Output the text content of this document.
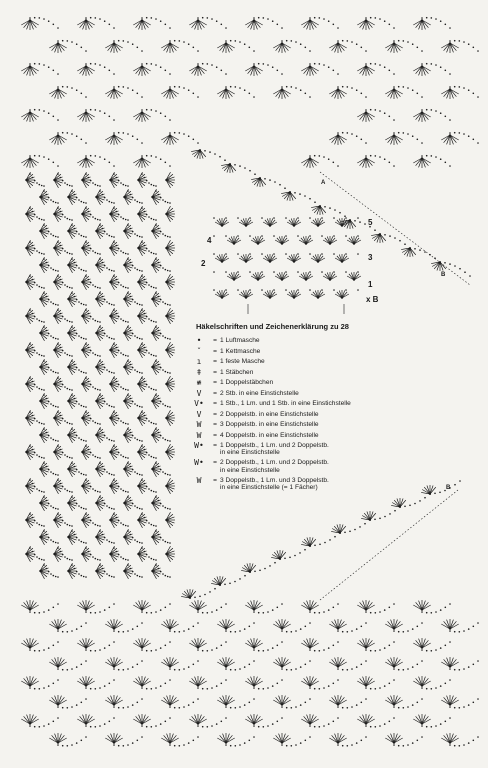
4
2
5
3
1
x B
A
B
B
Häkelschriften und Zeichenerklärung zu 28
•	= 1 Luftmasche
ˇ	= 1 Kettmasche
ı	= 1 feste Masche
ǂ	= 1 Stäbchen
≢	= 1 Doppelstäbchen
V	= 2 Stb. in eine Einstichstelle
V•	= 1 Stb., 1 Lm. und 1 Stb. in eine Einstichstelle
V	= 2 Doppelstb. in eine Einstichstelle
W	= 3 Doppelstb. in eine Einstichstelle
W	= 4 Doppelstb. in eine Einstichstelle
W•	= 1 Doppelstb., 1 Lm. und 2 Doppelstb.
in eine Einstichstelle
W•	= 2 Doppelstb., 1 Lm. und 2 Doppelstb.
in eine Einstichstelle
W	= 3 Doppelstb., 1 Lm. und 3 Doppelstb.
in eine Einstichstelle (= 1 Fächer)
